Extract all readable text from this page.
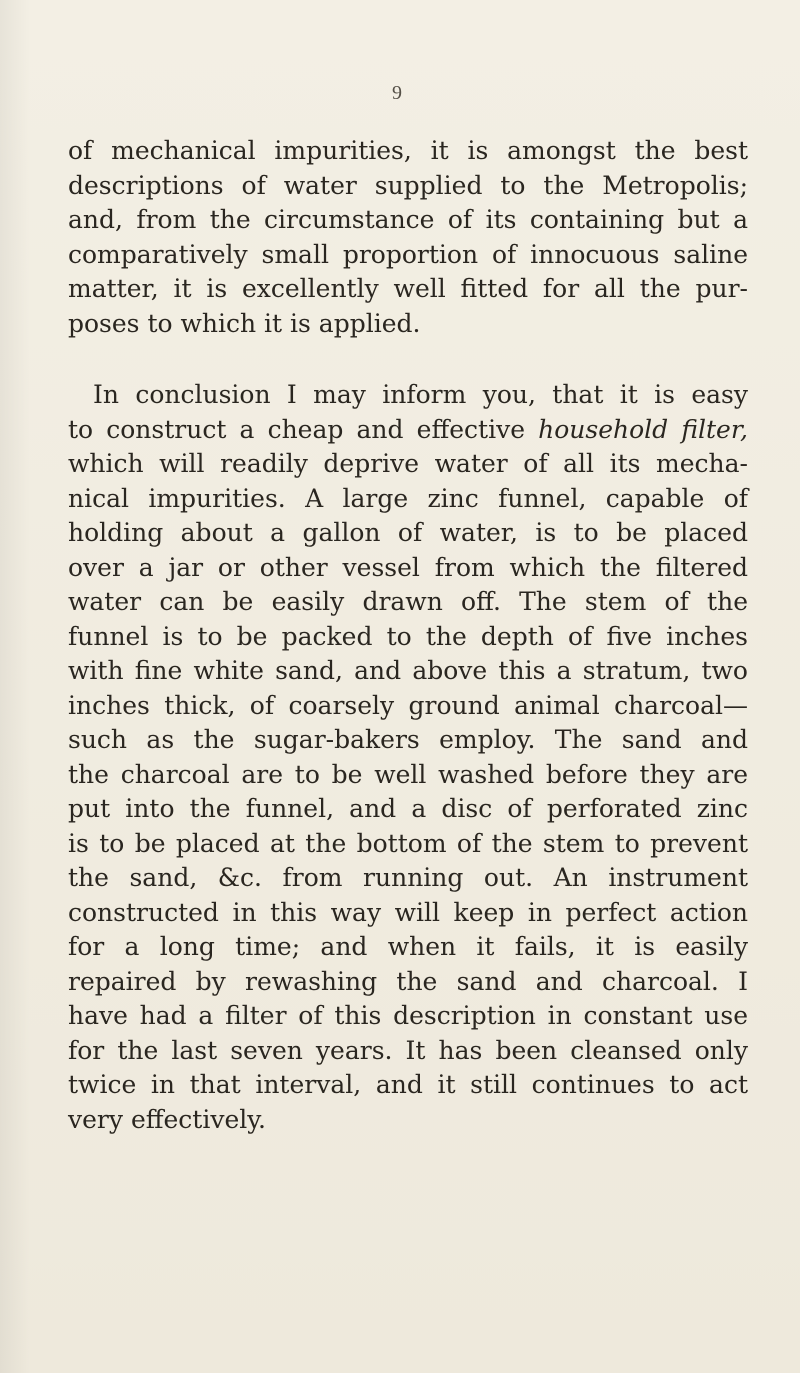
9
of mechanical impurities, it is amongst the best
descriptions of water supplied to the Metropolis;
and, from the circumstance of its containing but a
comparatively small proportion of innocuous saline
matter, it is excellently well fitted for all the pur-
poses to which it is applied.
  In conclusion I may inform you, that it is easy
to construct a cheap and effective household filter,
which will readily deprive water of all its mecha-
nical impurities. A large zinc funnel, capable of
holding about a gallon of water, is to be placed
over a jar or other vessel from which the filtered
water can be easily drawn off. The stem of the
funnel is to be packed to the depth of five inches
with fine white sand, and above this a stratum, two
inches thick, of coarsely ground animal charcoal—
such as the sugar-bakers employ. The sand and
the charcoal are to be well washed before they are
put into the funnel, and a disc of perforated zinc
is to be placed at the bottom of the stem to prevent
the sand, &c. from running out. An instrument
constructed in this way will keep in perfect action
for a long time; and when it fails, it is easily
repaired by rewashing the sand and charcoal. I
have had a filter of this description in constant use
for the last seven years. It has been cleansed only
twice in that interval, and it still continues to act
very effectively.
